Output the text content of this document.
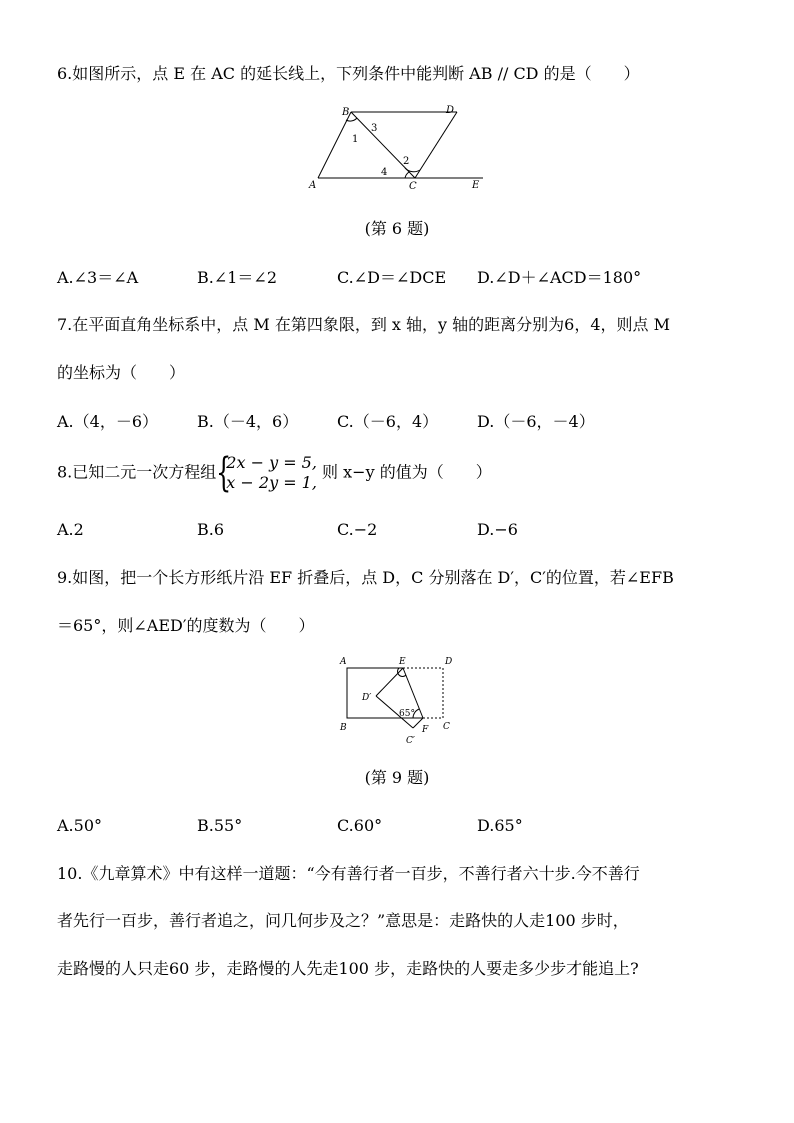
6.如图所示，点 E 在 AC 的延长线上，下列条件中能判断 AB // CD 的是（　　）
B	D
A	C	E
1
2
3
4
(第 6 题)
A.∠3＝∠A	B.∠1＝∠2	C.∠D＝∠DCE D.∠D＋∠ACD＝180°
7.在平面直角坐标系中，点 M 在第四象限，到 x 轴，y 轴的距离分别为6，4，则点 M
的坐标为（　　）
A.（4，－6） B.（－4，6） C.（－6，4） D.（－6，－4）
8.已知二元一次方程组 {
2x − y = 5,
x − 2y = 1,
则 x−y 的值为（　　）
A.2	B.6	C.−2	D.−6
9.如图，把一个长方形纸片沿 EF 折叠后，点 D，C 分别落在 D′，C′的位置，若∠EFB
＝65°，则∠AED′的度数为（　　）
A	E	D
D′
B	F C
C′
65°
(第 9 题)
A.50°	B.55°	C.60°	D.65°
10.《九章算术》中有这样一道题：“今有善行者一百步，不善行者六十步.今不善行
者先行一百步，善行者追之，问几何步及之？”意思是：走路快的人走100 步时，
走路慢的人只走60 步，走路慢的人先走100 步，走路快的人要走多少步才能追上?
